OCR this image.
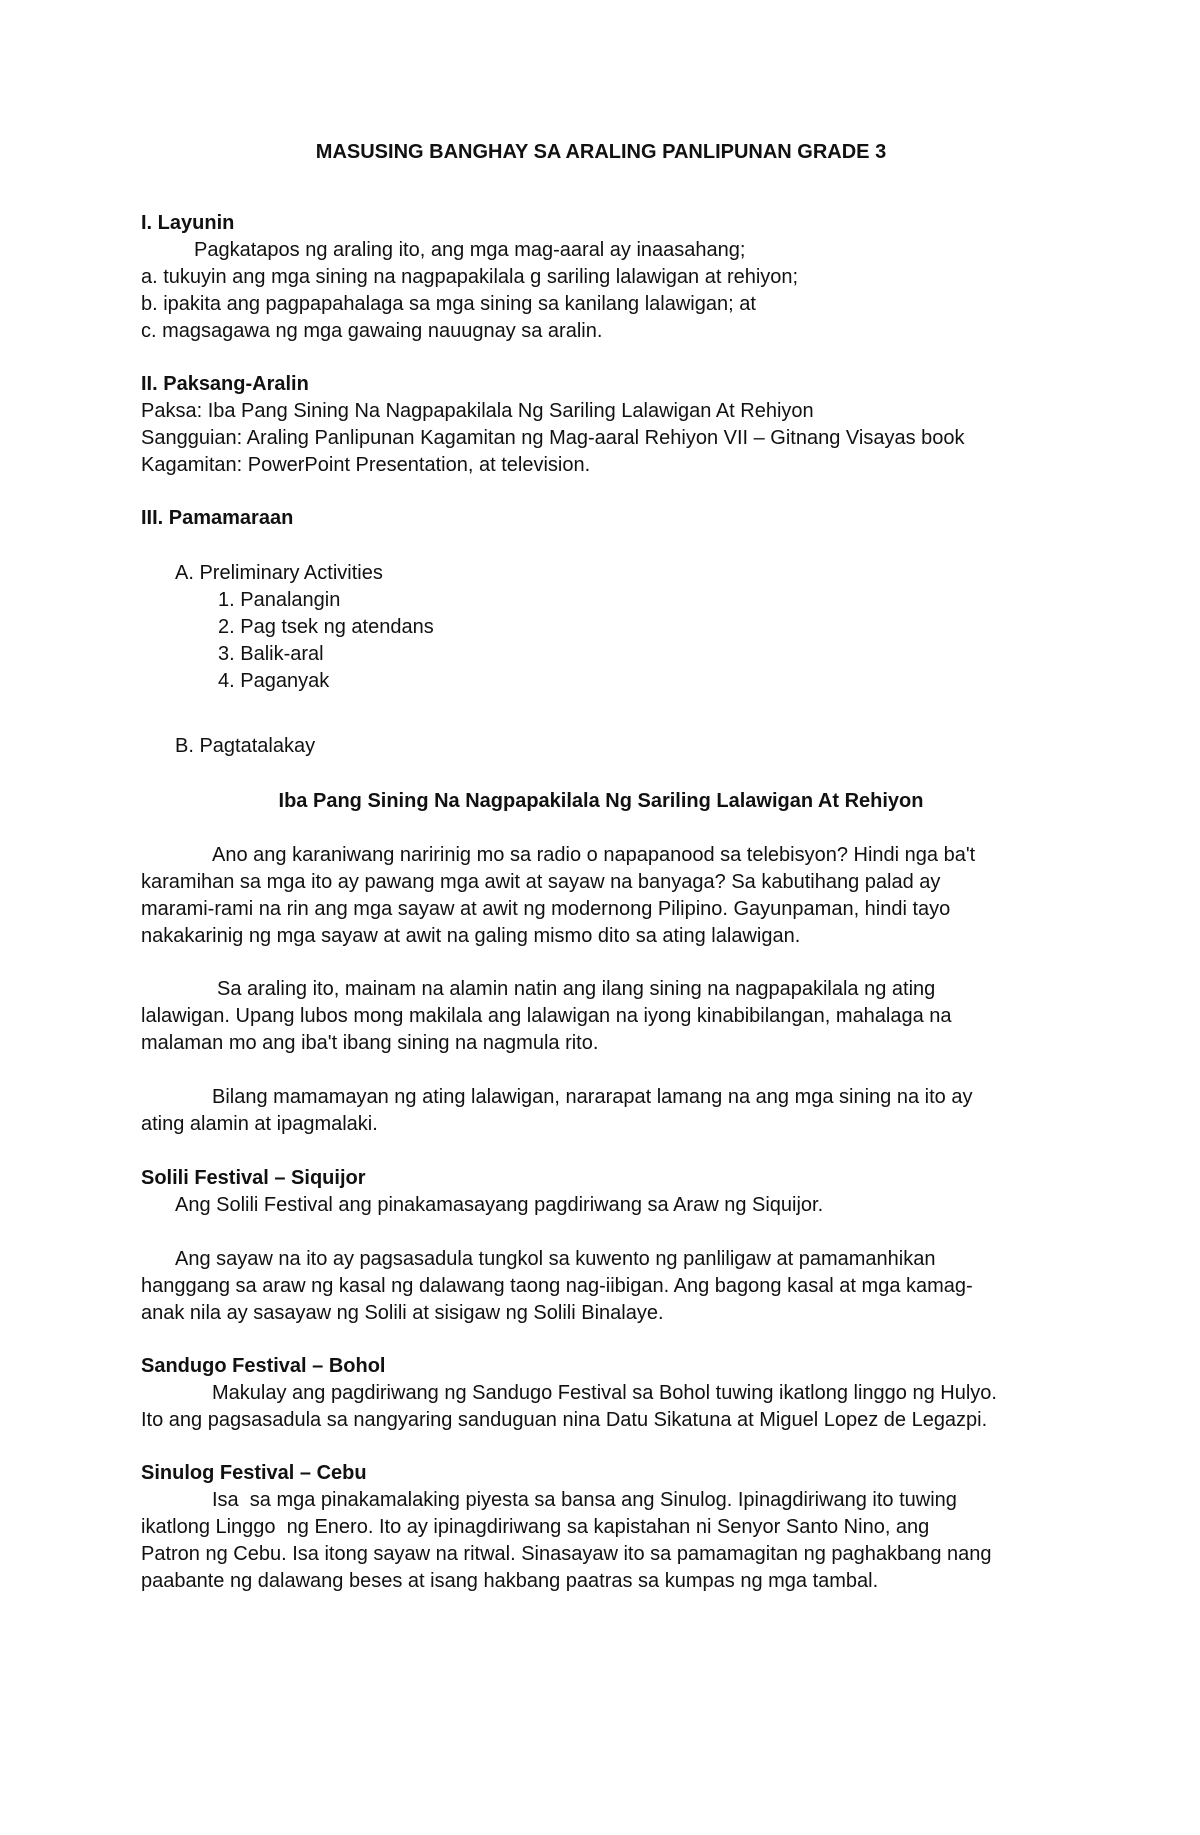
MASUSING BANGHAY SA ARALING PANLIPUNAN GRADE 3
I. Layunin
Pagkatapos ng araling ito, ang mga mag-aaral ay inaasahang;
a. tukuyin ang mga sining na nagpapakilala g sariling lalawigan at rehiyon;
b. ipakita ang pagpapahalaga sa mga sining sa kanilang lalawigan; at
c. magsagawa ng mga gawaing nauugnay sa aralin.
II. Paksang-Aralin
Paksa: Iba Pang Sining Na Nagpapakilala Ng Sariling Lalawigan At Rehiyon
Sangguian: Araling Panlipunan Kagamitan ng Mag-aaral Rehiyon VII – Gitnang Visayas book
Kagamitan: PowerPoint Presentation, at television.
III. Pamamaraan
A. Preliminary Activities
1. Panalangin
2. Pag tsek ng atendans
3. Balik-aral
4. Paganyak
B. Pagtatalakay
Iba Pang Sining Na Nagpapakilala Ng Sariling Lalawigan At Rehiyon
Ano ang karaniwang naririnig mo sa radio o napapanood sa telebisyon? Hindi nga ba't
karamihan sa mga ito ay pawang mga awit at sayaw na banyaga? Sa kabutihang palad ay
marami-rami na rin ang mga sayaw at awit ng modernong Pilipino. Gayunpaman, hindi tayo
nakakarinig ng mga sayaw at awit na galing mismo dito sa ating lalawigan.
Sa araling ito, mainam na alamin natin ang ilang sining na nagpapakilala ng ating
lalawigan. Upang lubos mong makilala ang lalawigan na iyong kinabibilangan, mahalaga na
malaman mo ang iba't ibang sining na nagmula rito.
Bilang mamamayan ng ating lalawigan, nararapat lamang na ang mga sining na ito ay
ating alamin at ipagmalaki.
Solili Festival – Siquijor
Ang Solili Festival ang pinakamasayang pagdiriwang sa Araw ng Siquijor.
Ang sayaw na ito ay pagsasadula tungkol sa kuwento ng panliligaw at pamamanhikan
hanggang sa araw ng kasal ng dalawang taong nag-iibigan. Ang bagong kasal at mga kamag-
anak nila ay sasayaw ng Solili at sisigaw ng Solili Binalaye.
Sandugo Festival – Bohol
Makulay ang pagdiriwang ng Sandugo Festival sa Bohol tuwing ikatlong linggo ng Hulyo.
Ito ang pagsasadula sa nangyaring sanduguan nina Datu Sikatuna at Miguel Lopez de Legazpi.
Sinulog Festival – Cebu
Isa  sa mga pinakamalaking piyesta sa bansa ang Sinulog. Ipinagdiriwang ito tuwing
ikatlong Linggo  ng Enero. Ito ay ipinagdiriwang sa kapistahan ni Senyor Santo Nino, ang
Patron ng Cebu. Isa itong sayaw na ritwal. Sinasayaw ito sa pamamagitan ng paghakbang nang
paabante ng dalawang beses at isang hakbang paatras sa kumpas ng mga tambal.
